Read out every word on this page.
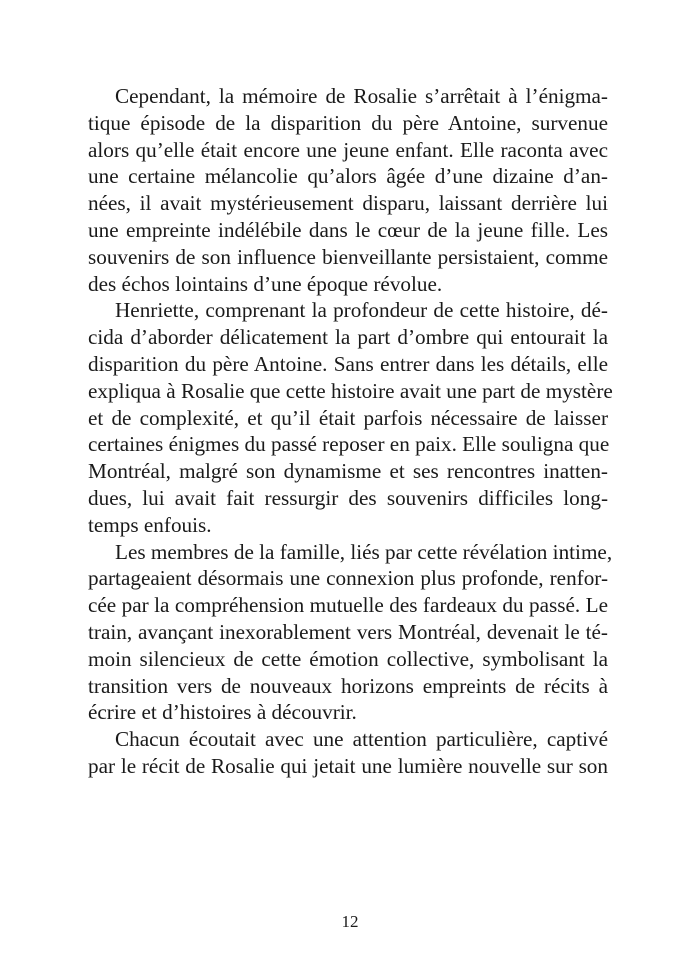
Cependant, la mémoire de Rosalie s’arrêtait à l’énigma-
tique épisode de la disparition du père Antoine, survenue
alors qu’elle était encore une jeune enfant. Elle raconta avec
une certaine mélancolie qu’alors âgée d’une dizaine d’an-
nées, il avait mystérieusement disparu, laissant derrière lui
une empreinte indélébile dans le cœur de la jeune fille. Les
souvenirs de son influence bienveillante persistaient, comme
des échos lointains d’une époque révolue.
Henriette, comprenant la profondeur de cette histoire, dé-
cida d’aborder délicatement la part d’ombre qui entourait la
disparition du père Antoine. Sans entrer dans les détails, elle
expliqua à Rosalie que cette histoire avait une part de mystère
et de complexité, et qu’il était parfois nécessaire de laisser
certaines énigmes du passé reposer en paix. Elle souligna que
Montréal, malgré son dynamisme et ses rencontres inatten-
dues, lui avait fait ressurgir des souvenirs difficiles long-
temps enfouis.
Les membres de la famille, liés par cette révélation intime,
partageaient désormais une connexion plus profonde, renfor-
cée par la compréhension mutuelle des fardeaux du passé. Le
train, avançant inexorablement vers Montréal, devenait le té-
moin silencieux de cette émotion collective, symbolisant la
transition vers de nouveaux horizons empreints de récits à
écrire et d’histoires à découvrir.
Chacun écoutait avec une attention particulière, captivé
par le récit de Rosalie qui jetait une lumière nouvelle sur son
12
